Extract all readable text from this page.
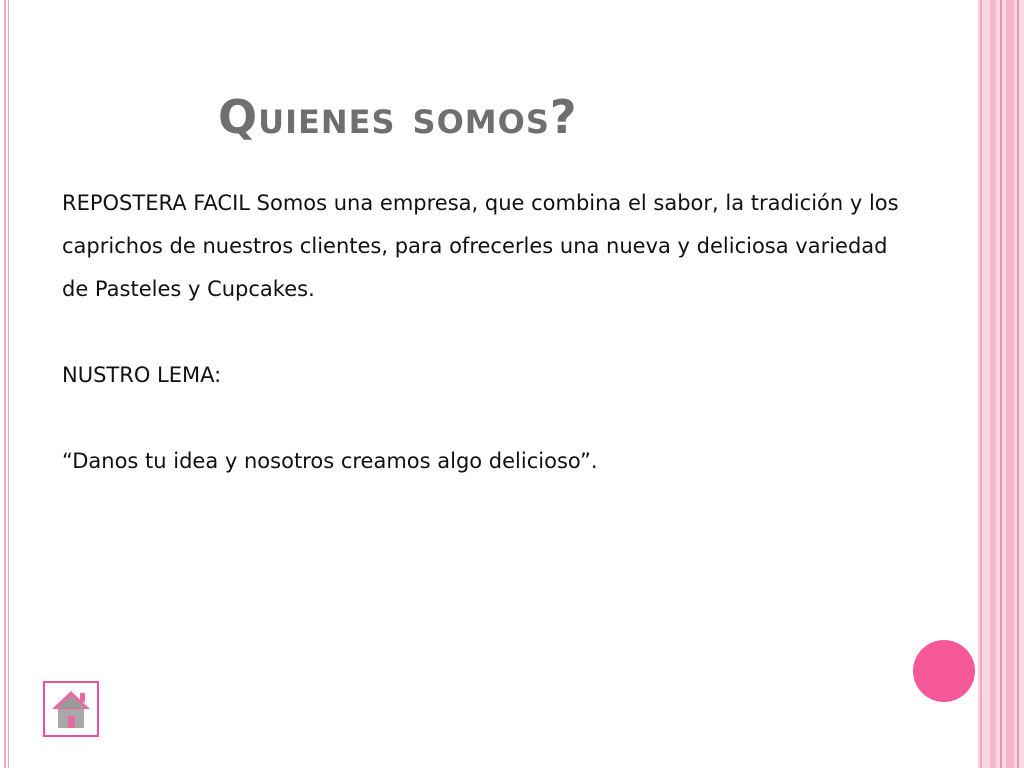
Quienes somos?

REPOSTERA FACIL Somos una empresa, que combina el sabor, la tradición y los caprichos de nuestros clientes, para ofrecerles una nueva y deliciosa variedad de Pasteles y Cupcakes.

NUSTRO LEMA:

“Danos tu idea y nosotros creamos algo delicioso”.
